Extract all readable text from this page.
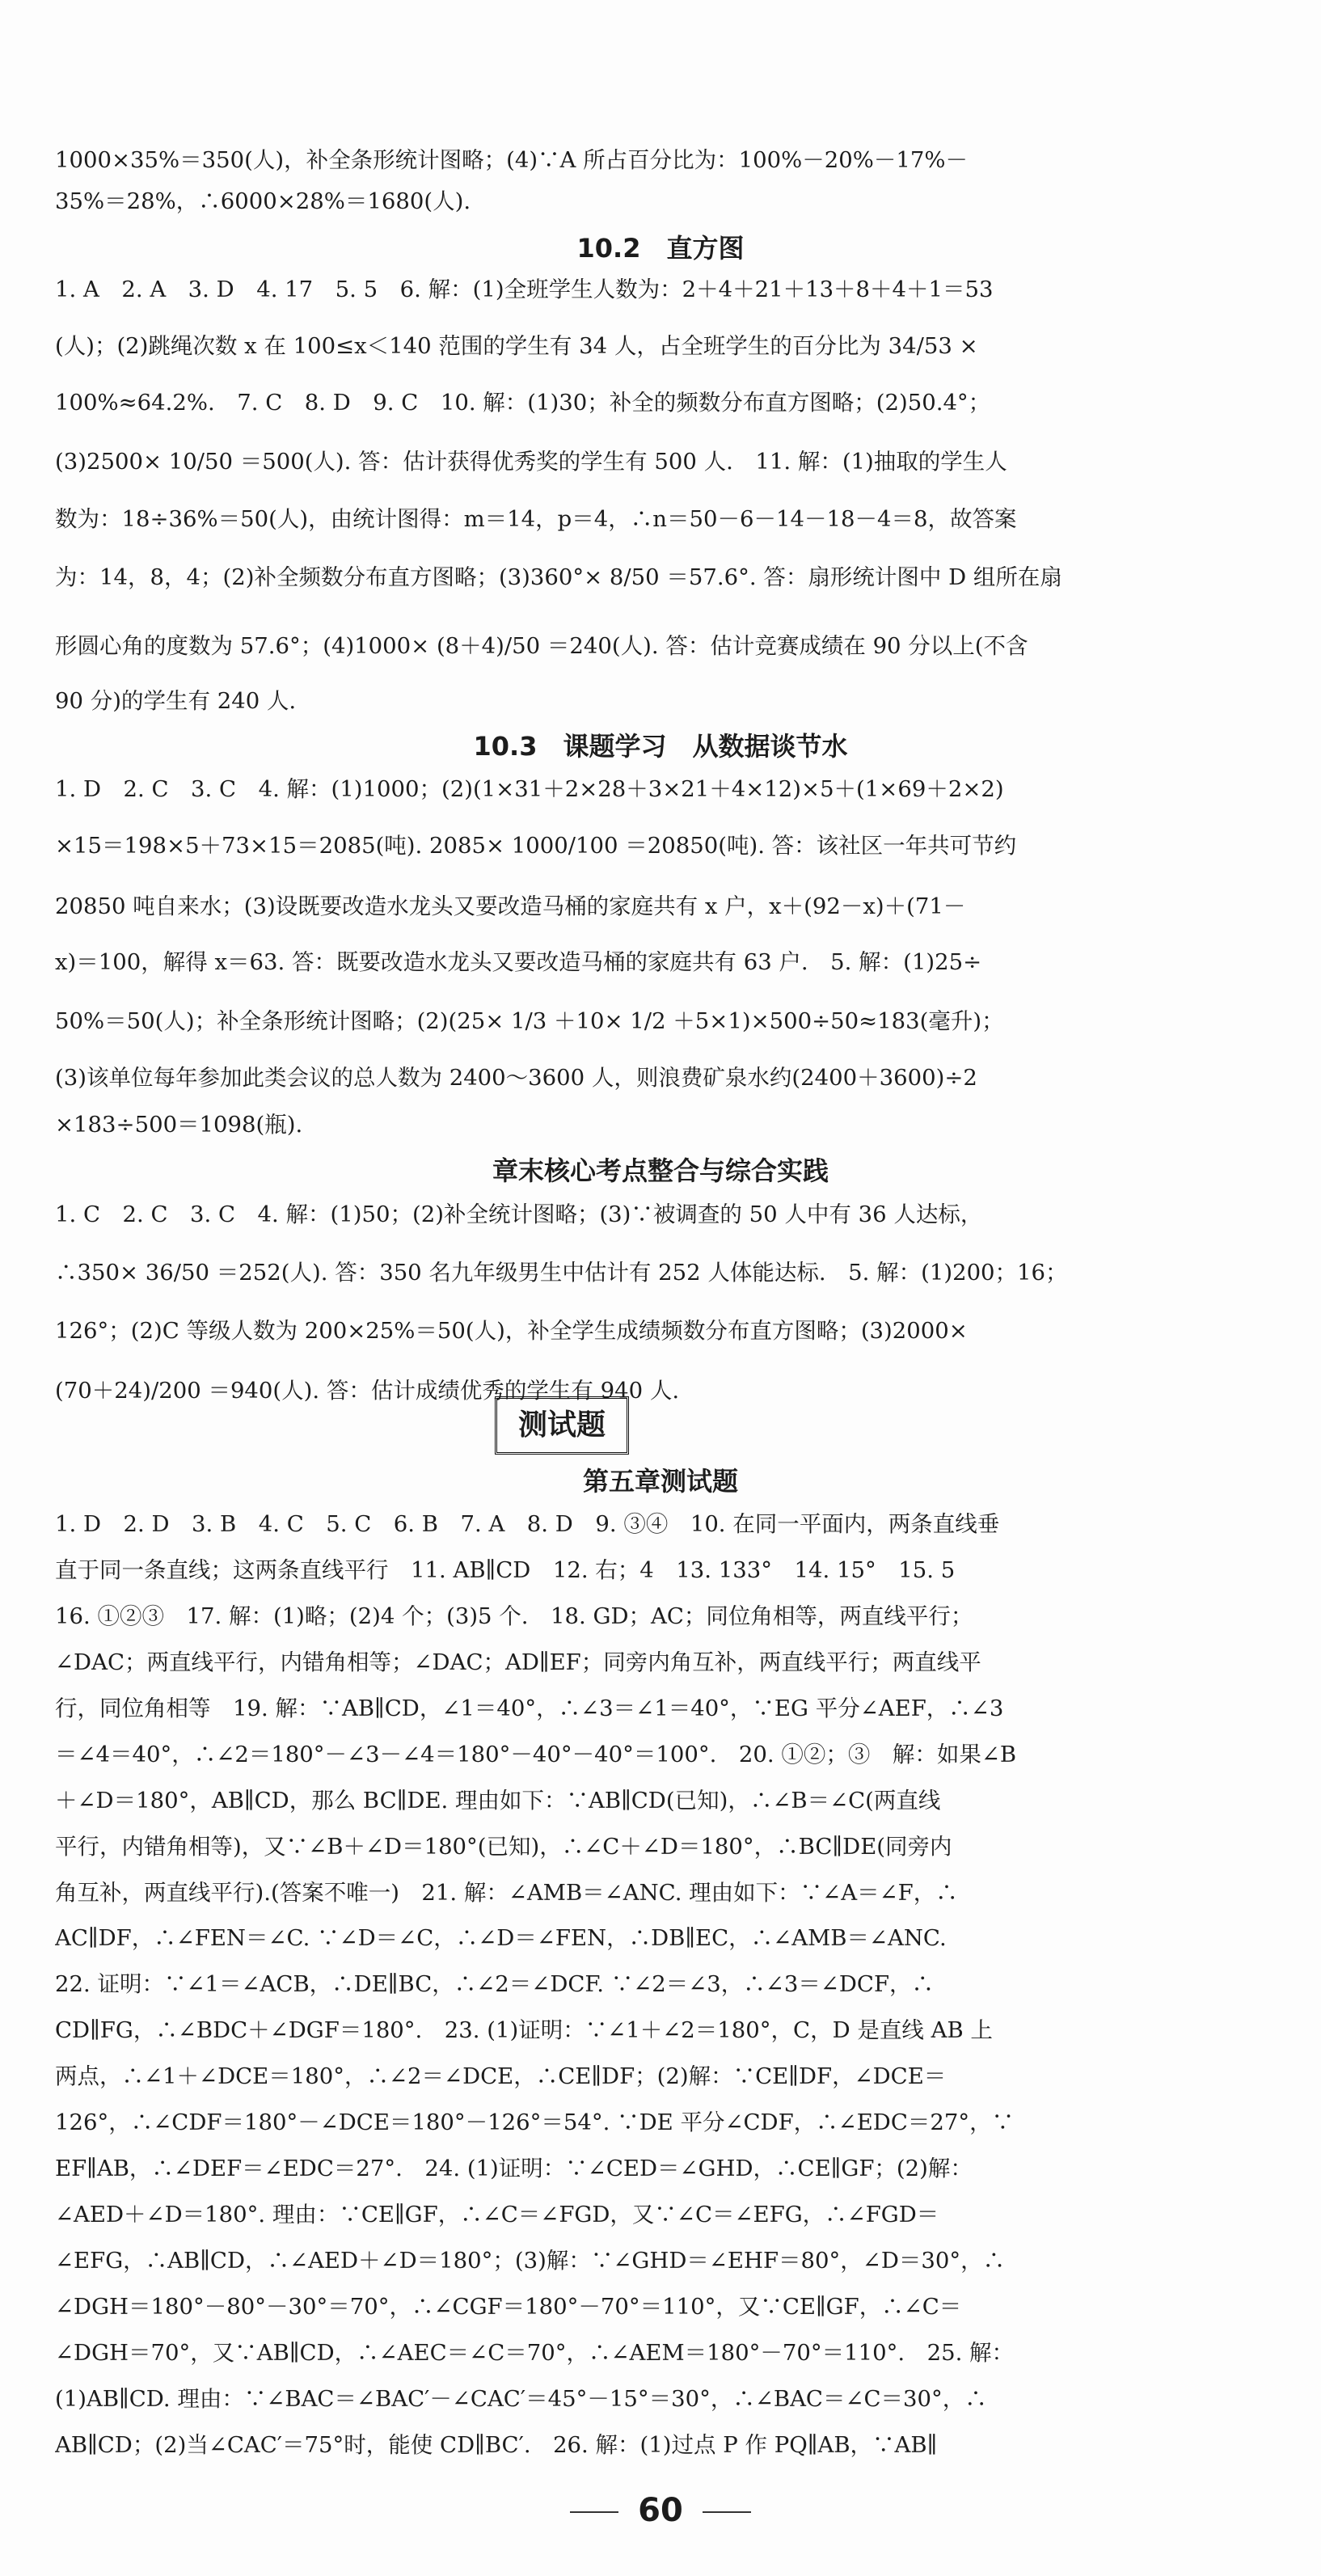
1000×35%＝350(人)，补全条形统计图略；(4)∵A 所占百分比为：100%－20%－17%－
35%＝28%，∴6000×28%＝1680(人).
10.2　直方图
1. A　2. A　3. D　4. 17　5. 5　6. 解：(1)全班学生人数为：2＋4＋21＋13＋8＋4＋1＝53
(人)；(2)跳绳次数 x 在 100≤x＜140 范围的学生有 34 人，占全班学生的百分比为 34/53 ×
100%≈64.2%.　7. C　8. D　9. C　10. 解：(1)30；补全的频数分布直方图略；(2)50.4°；
(3)2500× 10/50 ＝500(人). 答：估计获得优秀奖的学生有 500 人.　11. 解：(1)抽取的学生人
数为：18÷36%＝50(人)，由统计图得：m＝14，p＝4，∴n＝50－6－14－18－4＝8，故答案
为：14，8，4；(2)补全频数分布直方图略；(3)360°× 8/50 ＝57.6°. 答：扇形统计图中 D 组所在扇
形圆心角的度数为 57.6°；(4)1000× (8＋4)/50 ＝240(人). 答：估计竞赛成绩在 90 分以上(不含
90 分)的学生有 240 人.
10.3　课题学习　从数据谈节水
1. D　2. C　3. C　4. 解：(1)1000；(2)(1×31＋2×28＋3×21＋4×12)×5＋(1×69＋2×2)
×15＝198×5＋73×15＝2085(吨). 2085× 1000/100 ＝20850(吨). 答：该社区一年共可节约
20850 吨自来水；(3)设既要改造水龙头又要改造马桶的家庭共有 x 户，x＋(92－x)＋(71－
x)＝100，解得 x＝63. 答：既要改造水龙头又要改造马桶的家庭共有 63 户.　5. 解：(1)25÷
50%＝50(人)；补全条形统计图略；(2)(25× 1/3 ＋10× 1/2 ＋5×1)×500÷50≈183(毫升)；
(3)该单位每年参加此类会议的总人数为 2400～3600 人，则浪费矿泉水约(2400＋3600)÷2
×183÷500＝1098(瓶).
章末核心考点整合与综合实践
1. C　2. C　3. C　4. 解：(1)50；(2)补全统计图略；(3)∵被调查的 50 人中有 36 人达标，
∴350× 36/50 ＝252(人). 答：350 名九年级男生中估计有 252 人体能达标.　5. 解：(1)200；16；
126°；(2)C 等级人数为 200×25%＝50(人)，补全学生成绩频数分布直方图略；(3)2000×
(70＋24)/200 ＝940(人). 答：估计成绩优秀的学生有 940 人.
测试题
第五章测试题
1. D　2. D　3. B　4. C　5. C　6. B　7. A　8. D　9. ③④　10. 在同一平面内，两条直线垂
直于同一条直线；这两条直线平行　11. AB∥CD　12. 右；4　13. 133°　14. 15°　15. 5
16. ①②③　17. 解：(1)略；(2)4 个；(3)5 个.　18. GD；AC；同位角相等，两直线平行；
∠DAC；两直线平行，内错角相等；∠DAC；AD∥EF；同旁内角互补，两直线平行；两直线平
行，同位角相等　19. 解：∵AB∥CD，∠1＝40°，∴∠3＝∠1＝40°，∵EG 平分∠AEF，∴∠3
＝∠4＝40°，∴∠2＝180°－∠3－∠4＝180°－40°－40°＝100°.　20. ①②；③　解：如果∠B
＋∠D＝180°，AB∥CD，那么 BC∥DE. 理由如下：∵AB∥CD(已知)，∴∠B＝∠C(两直线
平行，内错角相等)，又∵∠B＋∠D＝180°(已知)，∴∠C＋∠D＝180°，∴BC∥DE(同旁内
角互补，两直线平行).(答案不唯一)　21. 解：∠AMB＝∠ANC. 理由如下：∵∠A＝∠F，∴
AC∥DF，∴∠FEN＝∠C. ∵∠D＝∠C，∴∠D＝∠FEN，∴DB∥EC，∴∠AMB＝∠ANC.
22. 证明：∵∠1＝∠ACB，∴DE∥BC，∴∠2＝∠DCF. ∵∠2＝∠3，∴∠3＝∠DCF，∴
CD∥FG，∴∠BDC＋∠DGF＝180°.　23. (1)证明：∵∠1＋∠2＝180°，C，D 是直线 AB 上
两点，∴∠1＋∠DCE＝180°，∴∠2＝∠DCE，∴CE∥DF；(2)解：∵CE∥DF，∠DCE＝
126°，∴∠CDF＝180°－∠DCE＝180°－126°＝54°. ∵DE 平分∠CDF，∴∠EDC＝27°，∵
EF∥AB，∴∠DEF＝∠EDC＝27°.　24. (1)证明：∵∠CED＝∠GHD，∴CE∥GF；(2)解：
∠AED＋∠D＝180°. 理由：∵CE∥GF，∴∠C＝∠FGD，又∵∠C＝∠EFG，∴∠FGD＝
∠EFG，∴AB∥CD，∴∠AED＋∠D＝180°；(3)解：∵∠GHD＝∠EHF＝80°，∠D＝30°，∴
∠DGH＝180°－80°－30°＝70°，∴∠CGF＝180°－70°＝110°，又∵CE∥GF，∴∠C＝
∠DGH＝70°，又∵AB∥CD，∴∠AEC＝∠C＝70°，∴∠AEM＝180°－70°＝110°.　25. 解：
(1)AB∥CD. 理由：∵∠BAC＝∠BAC′－∠CAC′＝45°－15°＝30°，∴∠BAC＝∠C＝30°，∴
AB∥CD；(2)当∠CAC′＝75°时，能使 CD∥BC′.　26. 解：(1)过点 P 作 PQ∥AB，∵AB∥
60
